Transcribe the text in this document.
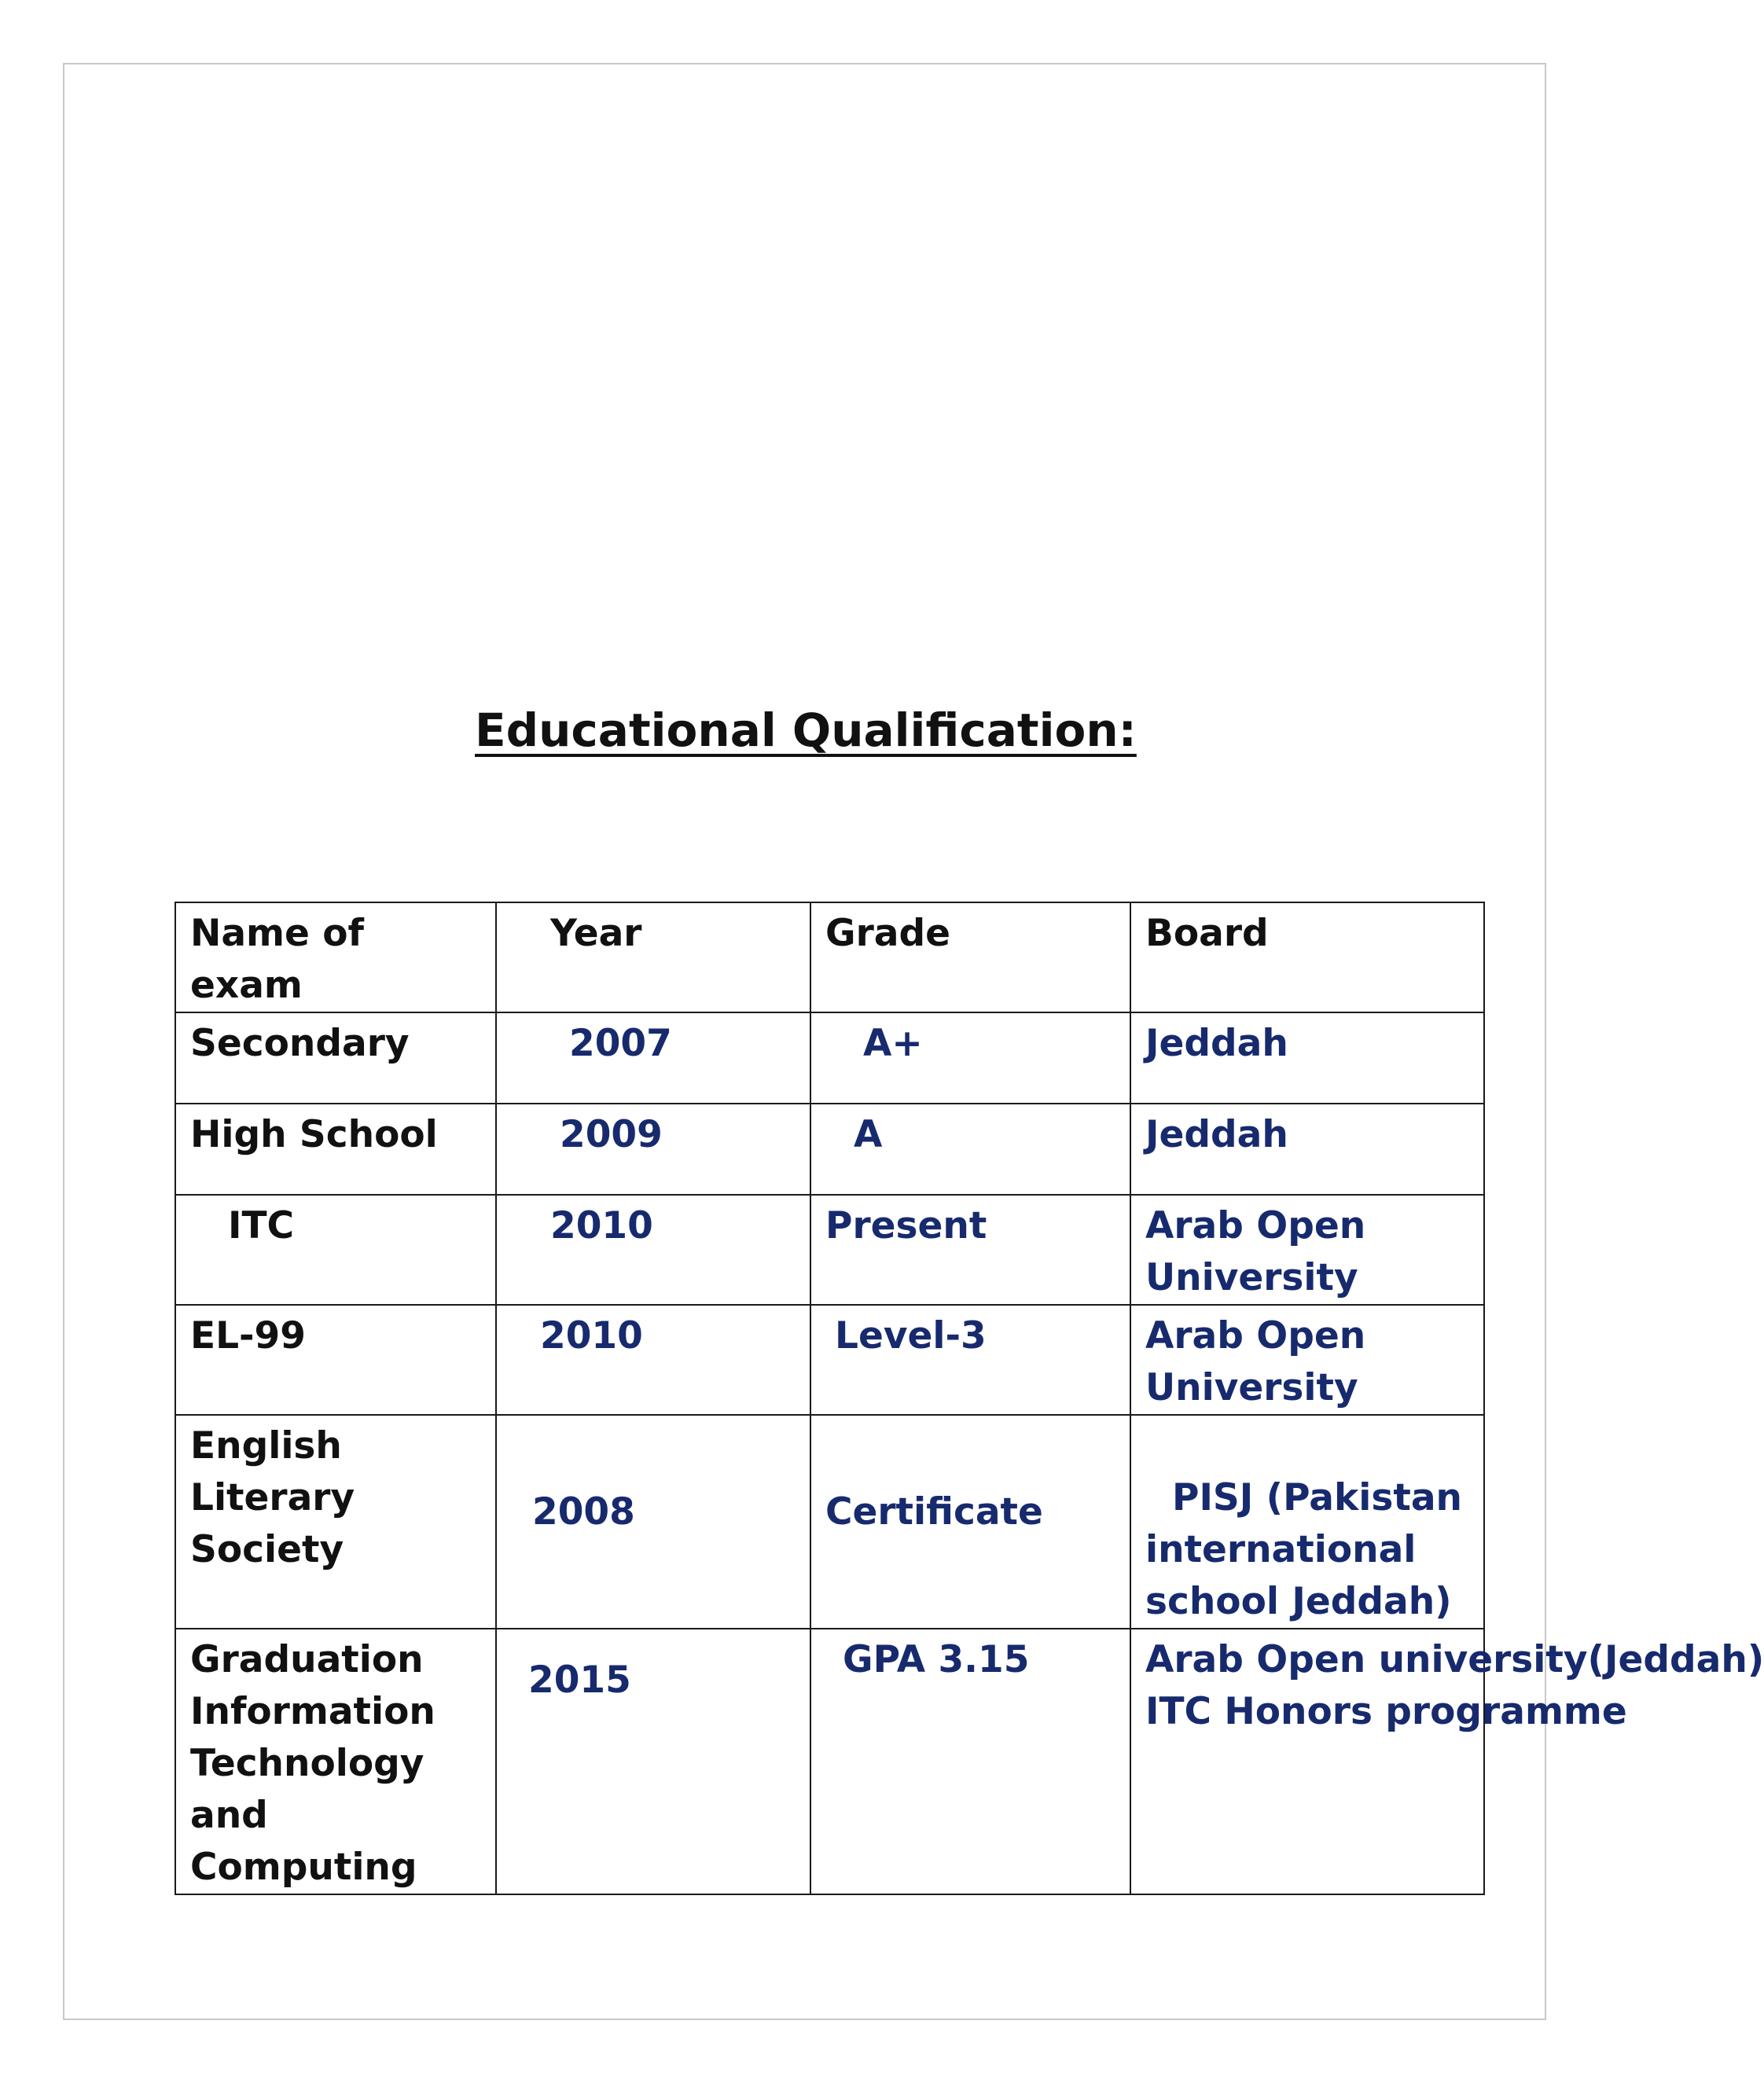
Educational Qualification:
Name of exam	Year	Grade	Board
Secondary	2007	A+	Jeddah
High School	2009	A	Jeddah
ITC	2010	Present	Arab Open University
EL-99	2010	Level-3	Arab Open University
English Literary Society	2008	Certificate	PISJ (Pakistan
international school Jeddah)

Graduation Information Technology and Computing	2015	GPA 3.15	Arab Open university(Jeddah)
ITC Honors programme
